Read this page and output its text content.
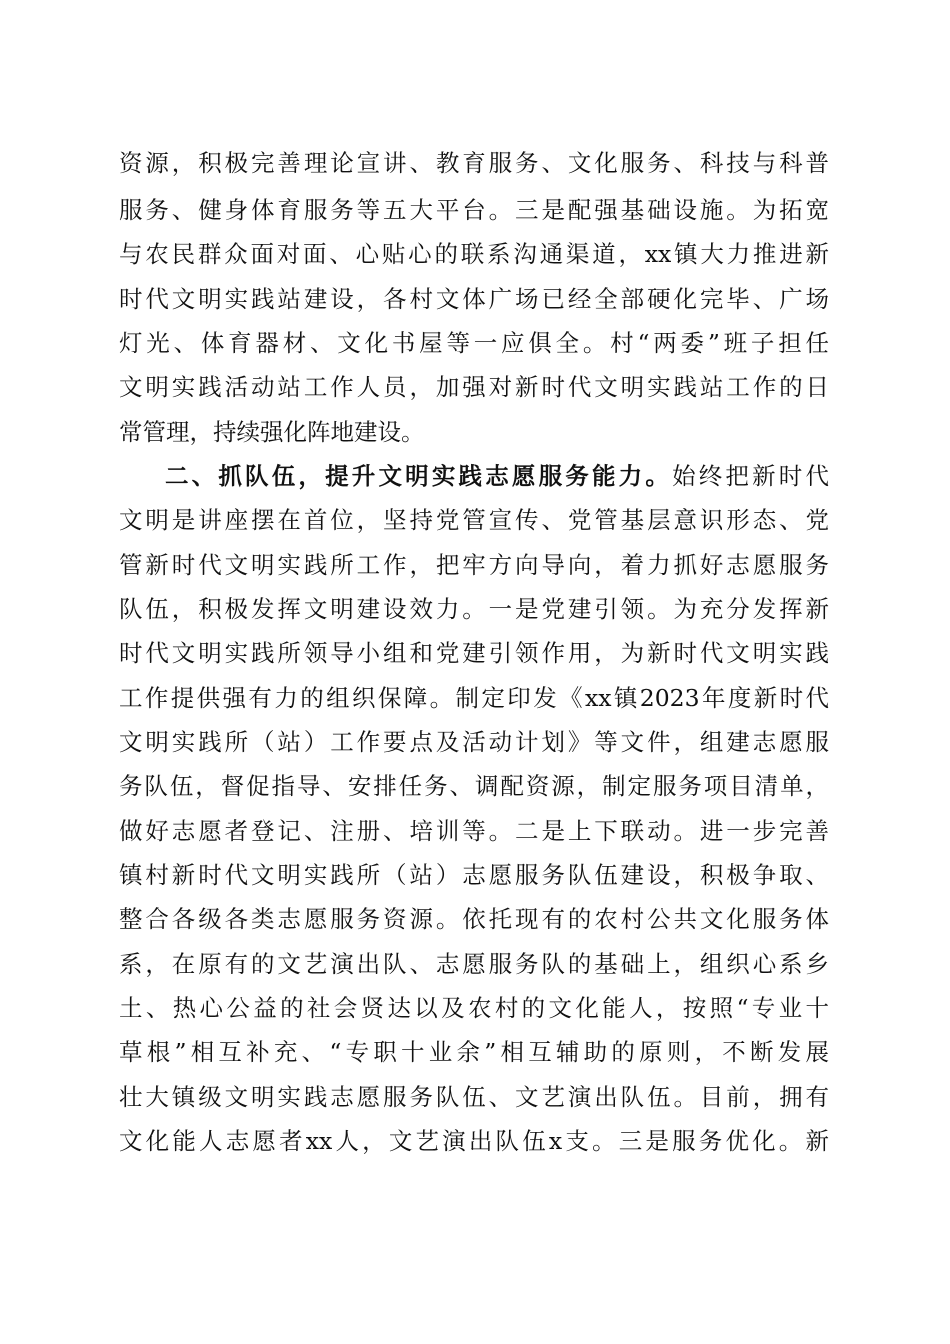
资源，积极完善理论宣讲、教育服务、文化服务、科技与科普
服务、健身体育服务等五大平台。三是配强基础设施。为拓宽
与农民群众面对面、心贴心的联系沟通渠道，xx镇大力推进新
时代文明实践站建设，各村文体广场已经全部硬化完毕、广场
灯光、体育器材、文化书屋等一应俱全。村“两委”班子担任
文明实践活动站工作人员，加强对新时代文明实践站工作的日
常管理，持续强化阵地建设。
二、抓队伍，提升文明实践志愿服务能力。始终把新时代
文明是讲座摆在首位，坚持党管宣传、党管基层意识形态、党
管新时代文明实践所工作，把牢方向导向，着力抓好志愿服务
队伍，积极发挥文明建设效力。一是党建引领。为充分发挥新
时代文明实践所领导小组和党建引领作用，为新时代文明实践
工作提供强有力的组织保障。制定印发《xx镇2023年度新时代
文明实践所（站）工作要点及活动计划》等文件，组建志愿服
务队伍，督促指导、安排任务、调配资源，制定服务项目清单，
做好志愿者登记、注册、培训等。二是上下联动。进一步完善
镇村新时代文明实践所（站）志愿服务队伍建设，积极争取、
整合各级各类志愿服务资源。依托现有的农村公共文化服务体
系，在原有的文艺演出队、志愿服务队的基础上，组织心系乡
土、热心公益的社会贤达以及农村的文化能人，按照“专业十
草根”相互补充、“专职十业余”相互辅助的原则，不断发展
壮大镇级文明实践志愿服务队伍、文艺演出队伍。目前，拥有
文化能人志愿者xx人，文艺演出队伍x支。三是服务优化。新
